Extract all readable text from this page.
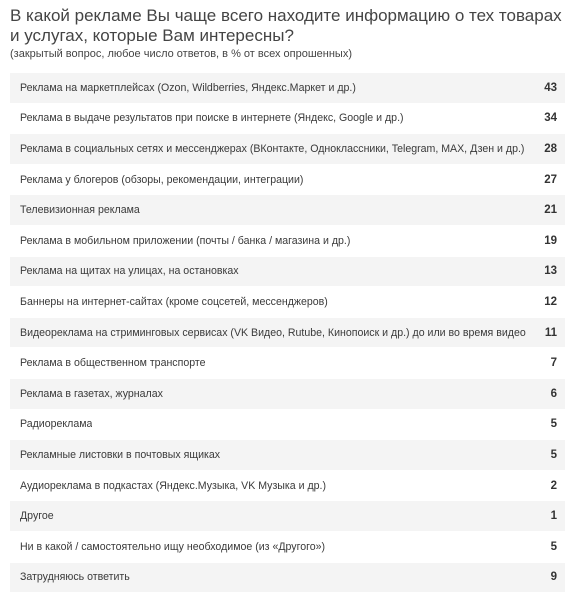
В какой рекламе Вы чаще всего находите информацию о тех товарах и услугах, которые Вам интересны?
(закрытый вопрос, любое число ответов, в % от всех опрошенных)
Реклама на маркетплейсах (Ozon, Wildberries, Яндекс.Маркет и др.)	43
Реклама в выдаче результатов при поиске в интернете (Яндекс, Google и др.)	34
Реклама в социальных сетях и мессенджерах (ВКонтакте, Одноклассники, Telegram, MAX, Дзен и др.)	28
Реклама у блогеров (обзоры, рекомендации, интеграции)	27
Телевизионная реклама	21
Реклама в мобильном приложении (почты / банка / магазина и др.)	19
Реклама на щитах на улицах, на остановках	13
Баннеры на интернет-сайтах (кроме соцсетей, мессенджеров)	12
Видеореклама на стриминговых сервисах (VK Видео, Rutube, Кинопоиск и др.) до или во время видео	11
Реклама в общественном транспорте	7
Реклама в газетах, журналах	6
Радиореклама	5
Рекламные листовки в почтовых ящиках	5
Аудиореклама в подкастах (Яндекс.Музыка, VK Музыка и др.)	2
Другое	1
Ни в какой / самостоятельно ищу необходимое (из «Другого»)	5
Затрудняюсь ответить	9
